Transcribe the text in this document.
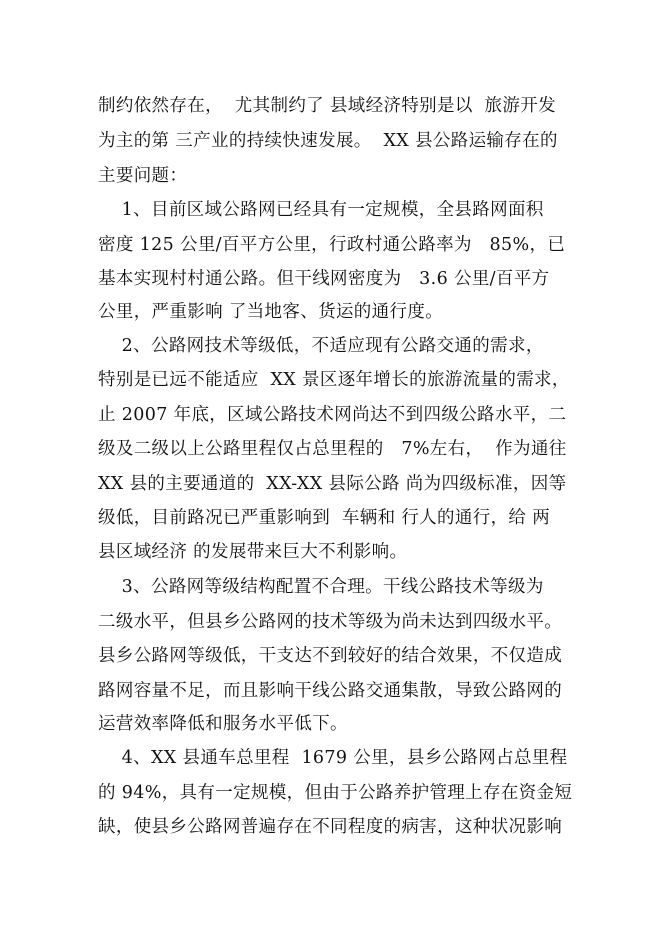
制约依然存在，  尤其制约了 县域经济特别是以  旅游开发
为主的第 三产业的持续快速发展。  XX 县公路运输存在的
主要问题：
1、目前区域公路网已经具有一定规模，全县路网面积
密度 125 公里/百平方公里，行政村通公路率为   85%，已
基本实现村村通公路。但干线网密度为   3.6 公里/百平方
公里，严重影响 了当地客、货运的通行度。
2、公路网技术等级低，不适应现有公路交通的需求，
特别是已远不能适应  XX 景区逐年增长的旅游流量的需求，
止 2007 年底，区域公路技术网尚达不到四级公路水平，二
级及二级以上公路里程仅占总里程的   7%左右，  作为通往
XX 县的主要通道的  XX-XX 县际公路 尚为四级标准，因等
级低，目前路况已严重影响到  车辆和 行人的通行，给 两
县区域经济 的发展带来巨大不利影响。
3、公路网等级结构配置不合理。干线公路技术等级为
二级水平，但县乡公路网的技术等级为尚未达到四级水平。
县乡公路网等级低，干支达不到较好的结合效果，不仅造成
路网容量不足，而且影响干线公路交通集散，导致公路网的
运营效率降低和服务水平低下。
4、XX 县通车总里程  1679 公里，县乡公路网占总里程
的 94%，具有一定规模，但由于公路养护管理上存在资金短
缺，使县乡公路网普遍存在不同程度的病害，这种状况影响
